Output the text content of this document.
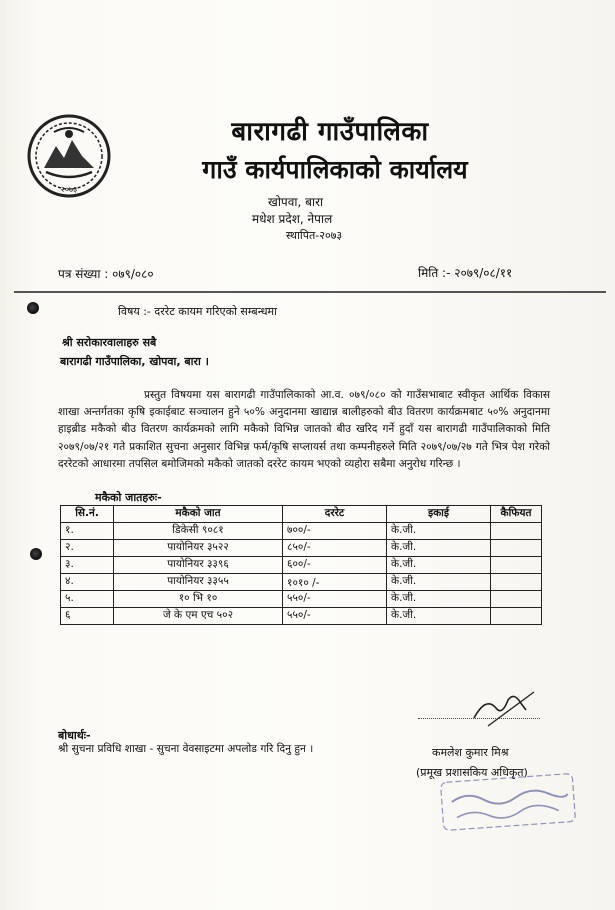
२०७३
बारागढी गाउँपालिका
गाउँ कार्यपालिकाको कार्यालय
खोपवा, बारा
मधेश प्रदेश, नेपाल
स्थापित-२०७३
पत्र संख्या : ०७९/०८०	मिति :- २०७९/०८/११
विषय :- दररेट कायम गरिएको सम्बन्धमा
श्री सरोकारवालाहरु सबै
बारागढी गाउँपालिका, खोपवा, बारा ।
प्रस्तुत विषयमा यस बारागढी गाउँपालिकाको आ.व. ०७९/०८० को गाउँसभाबाट स्वीकृत आर्थिक विकास शाखा अन्तर्गतका कृषि इकाईबाट सञ्चालन हुने ५०% अनुदानमा खाद्यान्न बालीहरुको बीउ वितरण कार्यक्रमबाट ५०% अनुदानमा हाइब्रीड मकैको बीउ वितरण कार्यक्रमको लागि मकैको विभिन्न जातको बीउ खरिद गर्ने हुदाँ यस बारागढी गाउँपालिकाको मिति २०७९/०७/२१ गते प्रकाशित सुचना अनुसार विभिन्न फर्म/कृषि सप्लायर्स तथा कम्पनीहरुले मिति २०७९/०७/२७ गते भित्र पेश गरेको दररेटको आधारमा तपसिल बमोजिमको मकैको जातको दररेट कायम भएको व्यहोरा सबैमा अनुरोध गरिन्छ ।
मकैको जातहरुः-
सि.नं.	मकैको जात	दररेट	इकाई	कैफियत
१.	डिकेसी ९०८१	७००/-	के.जी.	
२.	पायोनियर ३५२२	८५०/-	के.जी.	
३.	पायोनियर ३३९६	६००/-	के.जी.	
४.	पायोनियर ३३५५	१०१० /-	के.जी.	
५.	१० भि १०	५५०/-	के.जी.	
६	जे के एम एच ५०२	५५०/-	के.जी.	
कमलेश कुमार मिश्र
(प्रमूख प्रशासकिय अधिकृत)
बोधार्थः-
श्री सुचना प्रविधि शाखा - सुचना वेवसाइटमा अपलोड गरि दिनु हुन ।
